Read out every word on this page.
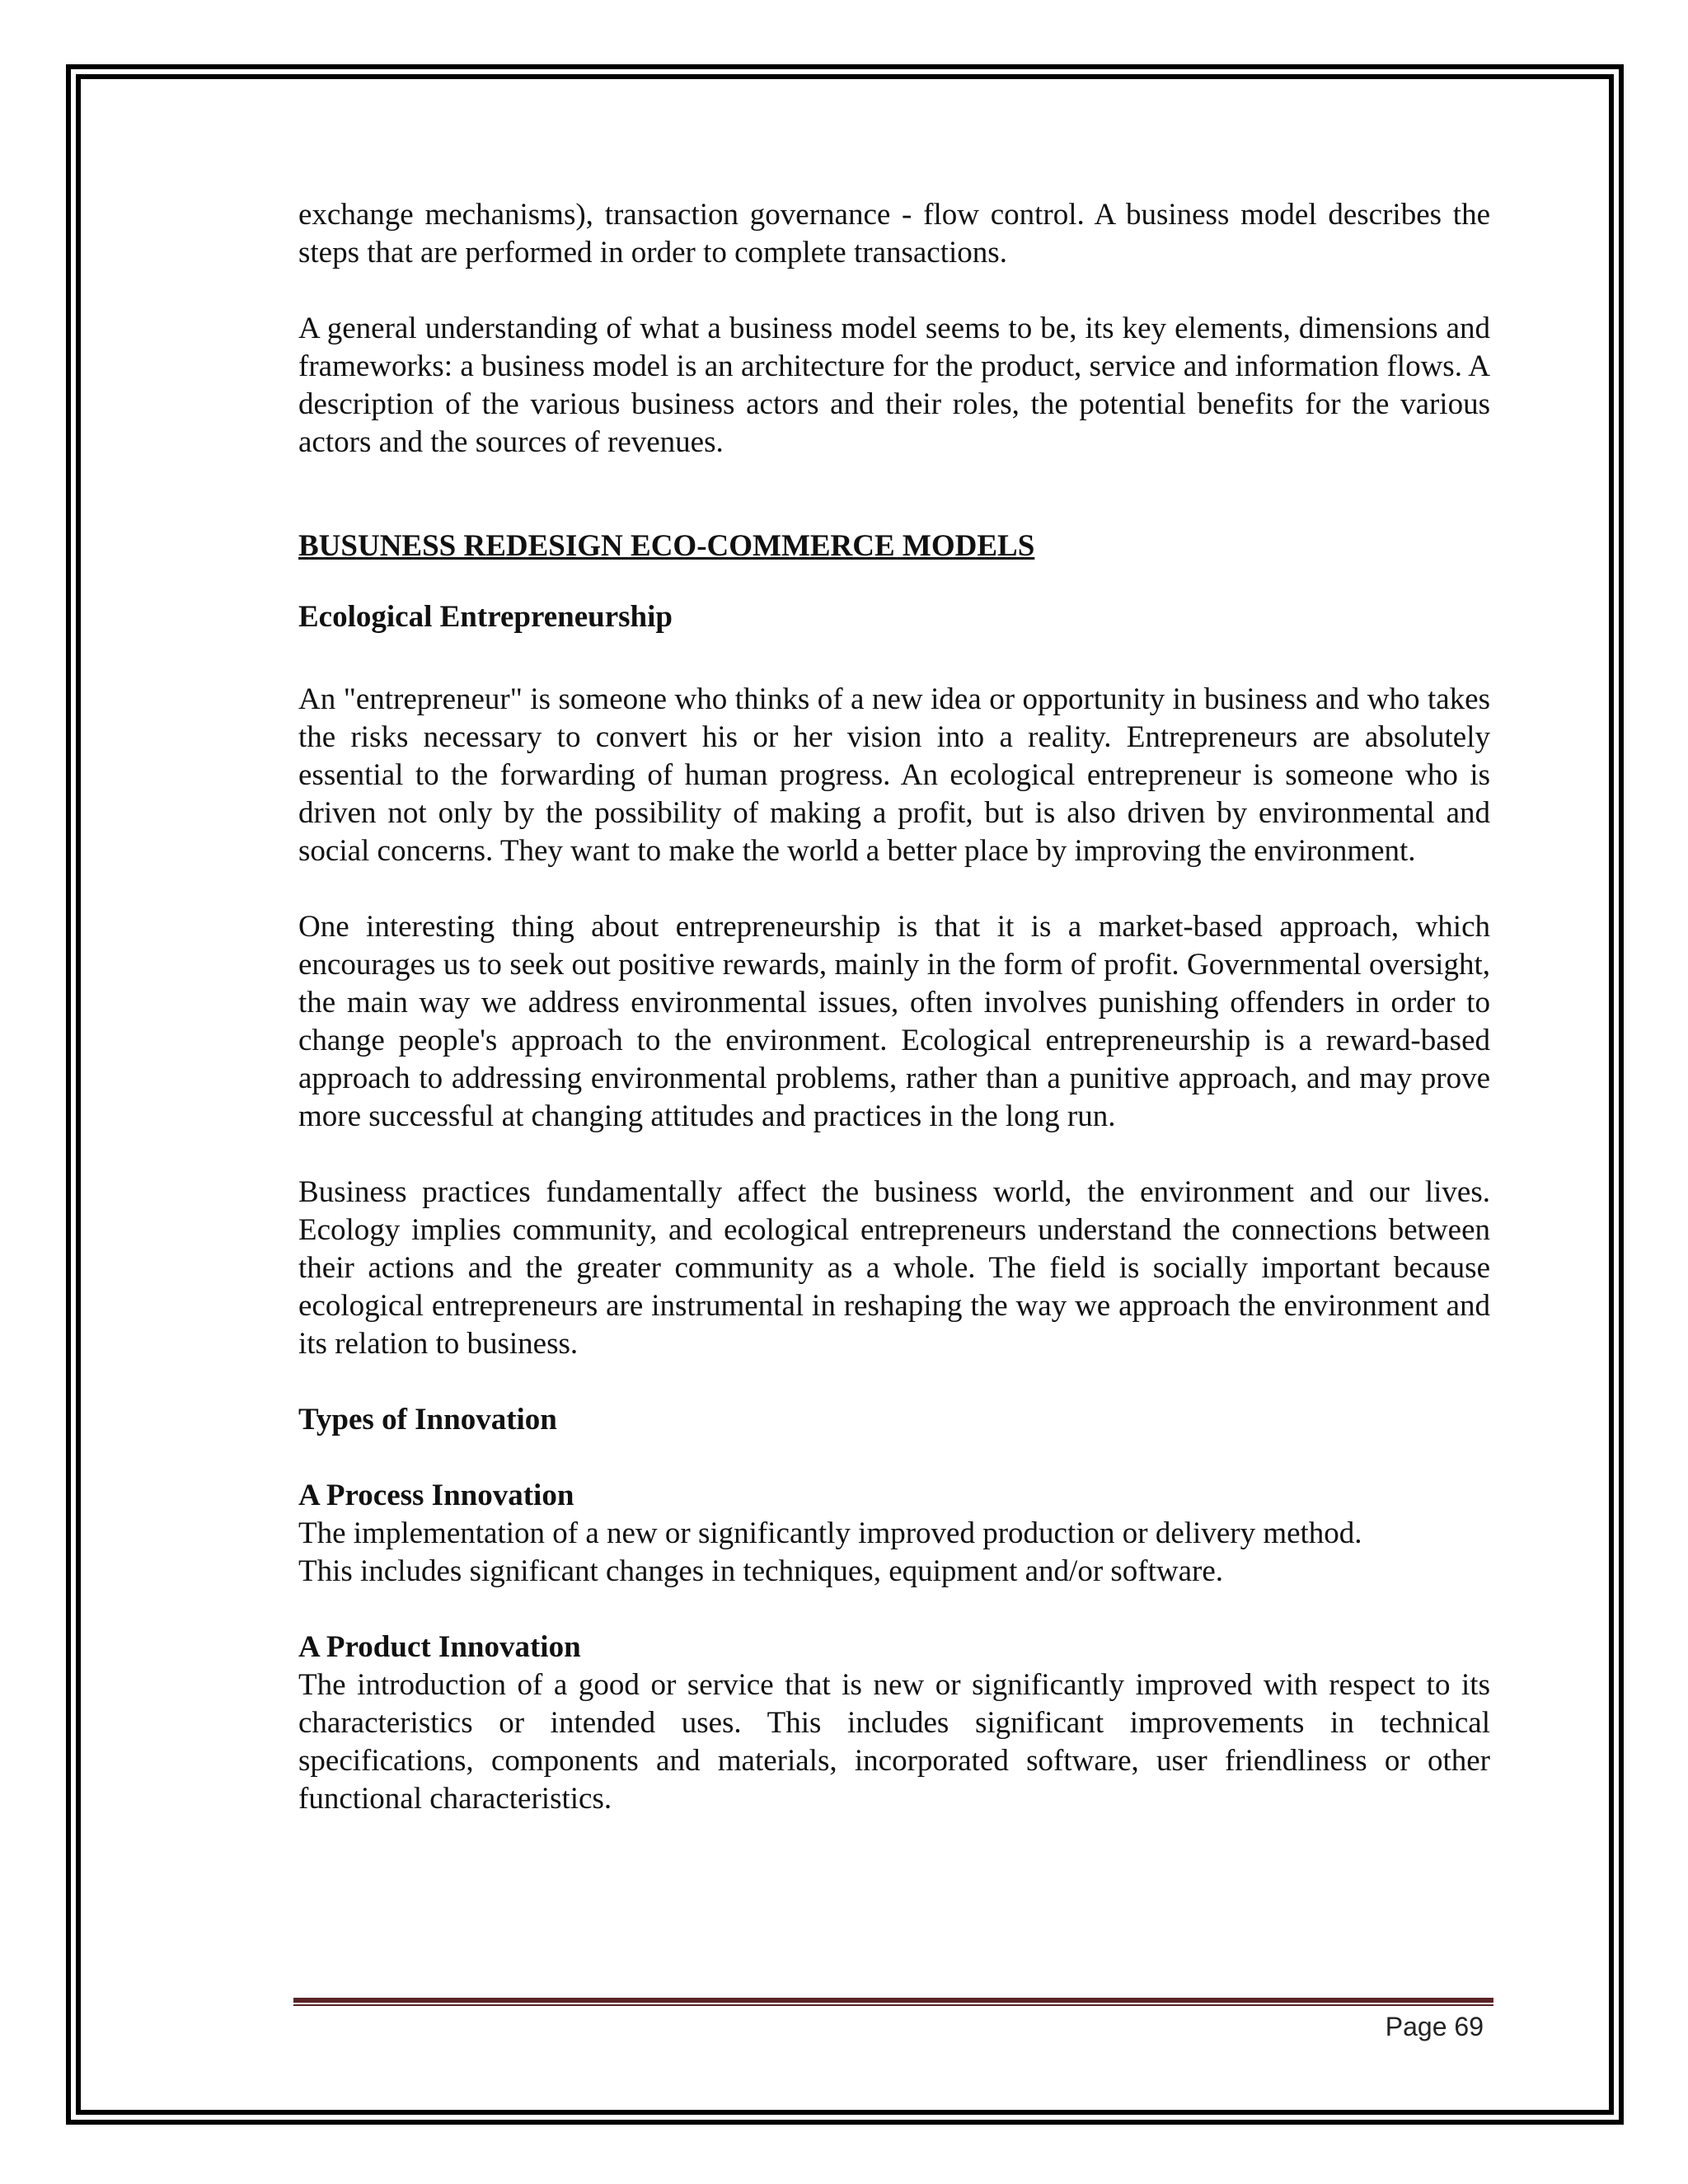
exchange mechanisms), transaction governance - flow control. A business model describes the steps that are performed in order to complete transactions.

A general understanding of what a business model seems to be, its key elements, dimensions and frameworks: a business model is an architecture for the product, service and information flows. A description of the various business actors and their roles, the potential benefits for the various actors and the sources of revenues.

BUSUNESS REDESIGN ECO-COMMERCE MODELS

Ecological Entrepreneurship

An "entrepreneur" is someone who thinks of a new idea or opportunity in business and who takes the risks necessary to convert his or her vision into a reality. Entrepreneurs are absolutely essential to the forwarding of human progress. An ecological entrepreneur is someone who is driven not only by the possibility of making a profit, but is also driven by environmental and social concerns. They want to make the world a better place by improving the environment.

One interesting thing about entrepreneurship is that it is a market-based approach, which encourages us to seek out positive rewards, mainly in the form of profit. Governmental oversight, the main way we address environmental issues, often involves punishing offenders in order to change people's approach to the environment. Ecological entrepreneurship is a reward-based approach to addressing environmental problems, rather than a punitive approach, and may prove more successful at changing attitudes and practices in the long run.

Business practices fundamentally affect the business world, the environment and our lives. Ecology implies community, and ecological entrepreneurs understand the connections between their actions and the greater community as a whole. The field is socially important because ecological entrepreneurs are instrumental in reshaping the way we approach the environment and its relation to business.

Types of Innovation

A Process Innovation

The implementation of a new or significantly improved production or delivery method.

This includes significant changes in techniques, equipment and/or software.

A Product Innovation

The introduction of a good or service that is new or significantly improved with respect to its characteristics or intended uses. This includes significant improvements in technical specifications, components and materials, incorporated software, user friendliness or other functional characteristics.

Page 69
